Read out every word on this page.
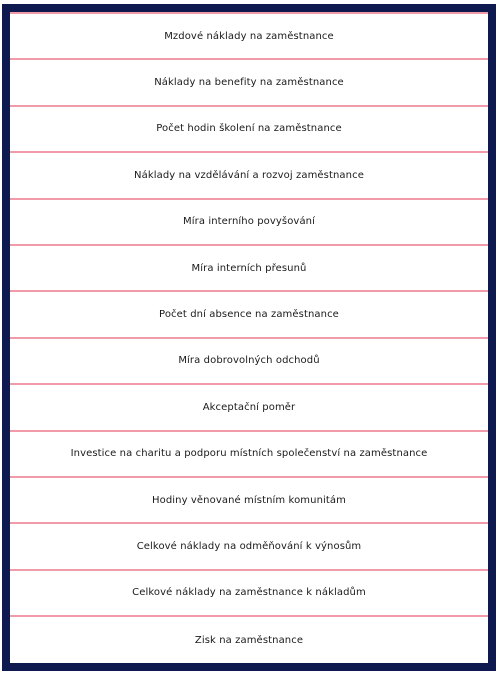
Mzdové náklady na zaměstnance
Náklady na benefity na zaměstnance
Počet hodin školení na zaměstnance
Náklady na vzdělávání a rozvoj zaměstnance
Míra interního povyšování
Míra interních přesunů
Počet dní absence na zaměstnance
Míra dobrovolných odchodů
Akceptační poměr
Investice na charitu a podporu místních společenství na zaměstnance
Hodiny věnované místním komunitám
Celkové náklady na odměňování k výnosům
Celkové náklady na zaměstnance k nákladům
Zisk na zaměstnance
